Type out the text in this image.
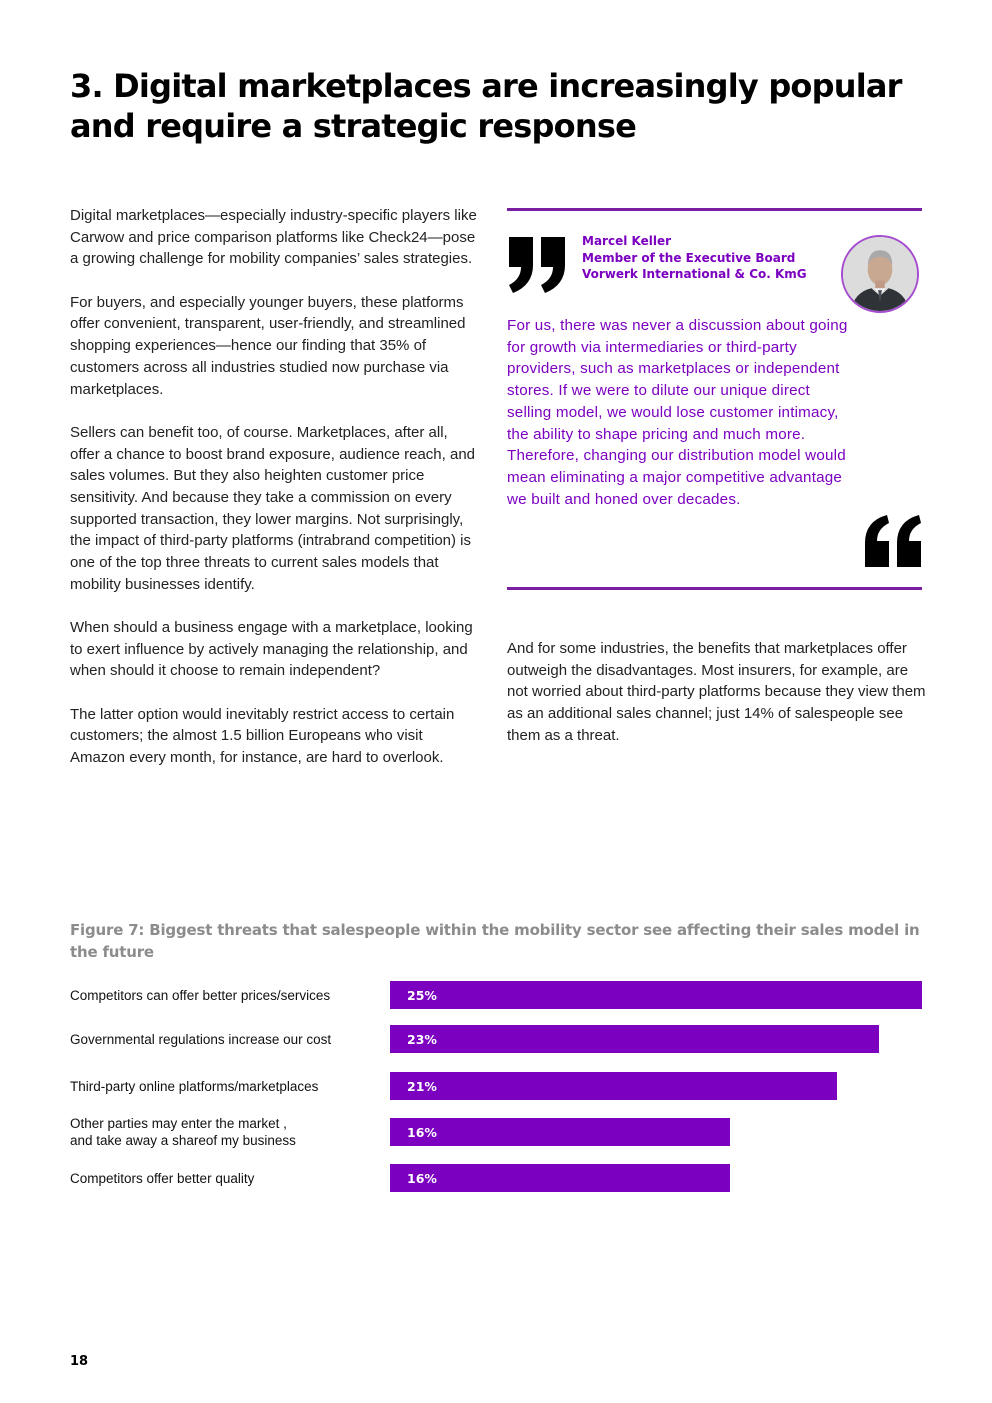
3. Digital marketplaces are increasingly popular and require a strategic response

Digital marketplaces—especially industry-specific players like Carwow and price comparison platforms like Check24—pose a growing challenge for mobility companies’ sales strategies.

For buyers, and especially younger buyers, these platforms offer convenient, transparent, user-friendly, and streamlined shopping experiences—hence our finding that 35% of customers across all industries studied now purchase via marketplaces.

Sellers can benefit too, of course. Marketplaces, after all, offer a chance to boost brand exposure, audience reach, and sales volumes. But they also heighten customer price sensitivity. And because they take a commission on every supported transaction, they lower margins. Not surprisingly, the impact of third-party platforms (intrabrand competition) is one of the top three threats to current sales models that mobility businesses identify.

When should a business engage with a marketplace, looking to exert influence by actively managing the relationship, and when should it choose to remain independent?

The latter option would inevitably restrict access to certain customers; the almost 1.5 billion Europeans who visit Amazon every month, for instance, are hard to overlook.

Marcel Keller
Member of the Executive Board
Vorwerk International & Co. KmG
For us, there was never a discussion about going for growth via intermediaries or third-party providers, such as marketplaces or independent stores. If we were to dilute our unique direct selling model, we would lose customer intimacy, the ability to shape pricing and much more. Therefore, changing our distribution model would mean eliminating a major competitive advantage we built and honed over decades.

And for some industries, the benefits that marketplaces offer outweigh the disadvantages. Most insurers, for example, are not worried about third-party platforms because they view them as an additional sales channel; just 14% of salespeople see them as a threat.

Figure 7: Biggest threats that salespeople within the mobility sector see affecting their sales model in the future
Competitors can offer better prices/services	25%
Governmental regulations increase our cost	23%
Third-party online platforms/marketplaces	21%
Other parties may enter the market ,
and take away a shareof my business
16%
Competitors offer better quality	16%
18
